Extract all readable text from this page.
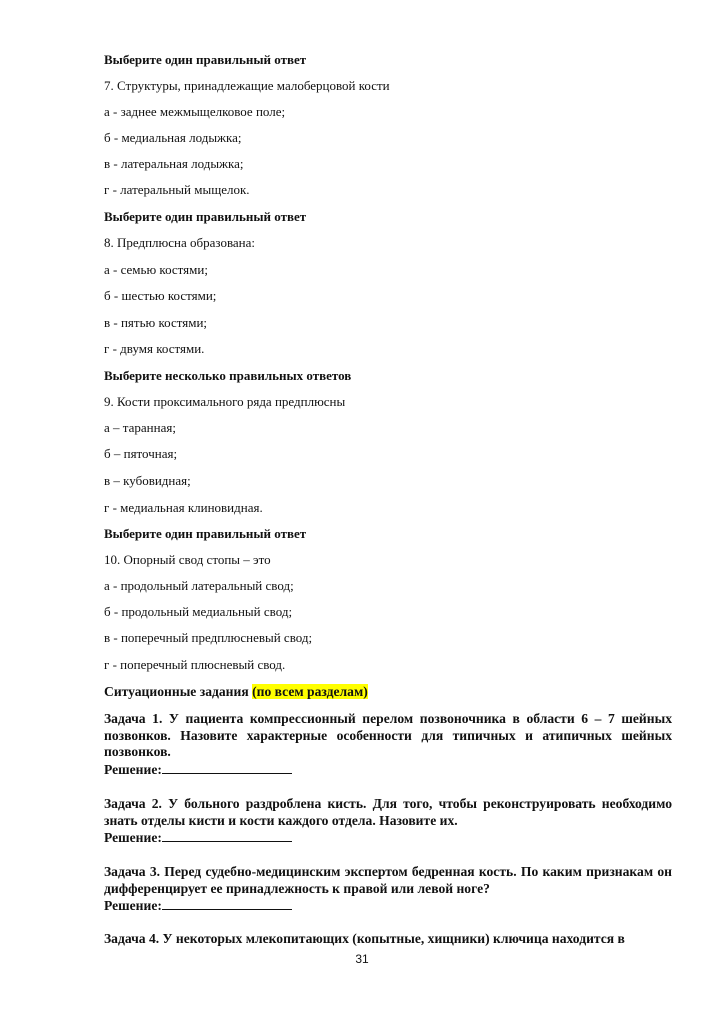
Выберите один правильный ответ
7. Структуры, принадлежащие малоберцовой кости
а - заднее межмыщелковое поле;
б - медиальная лодыжка;
в - латеральная лодыжка;
г - латеральный мыщелок.
Выберите один правильный ответ
8. Предплюсна образована:
а - семью костями;
б - шестью костями;
в - пятью костями;
г - двумя костями.
Выберите несколько правильных ответов
9. Кости проксимального ряда предплюсны
а – таранная;
б – пяточная;
в – кубовидная;
г - медиальная клиновидная.
Выберите один правильный ответ
10. Опорный свод стопы – это
а - продольный латеральный свод;
б - продольный медиальный свод;
в - поперечный предплюсневый свод;
г - поперечный плюсневый свод.
Ситуационные задания (по всем разделам)

Задача 1. У пациента компрессионный перелом позвоночника в области 6 – 7 шейных позвонков. Назовите характерные особенности для типичных и атипичных шейных позвонков.

Решение:

Задача 2. У больного раздроблена кисть. Для того, чтобы реконструировать необходимо знать отделы кисти и кости каждого отдела. Назовите их.

Решение:

Задача 3. Перед судебно-медицинским экспертом бедренная кость. По каким признакам он дифференцирует ее принадлежность к правой или левой ноге?

Решение:

Задача 4. У некоторых млекопитающих (копытные, хищники) ключица находится в

31
